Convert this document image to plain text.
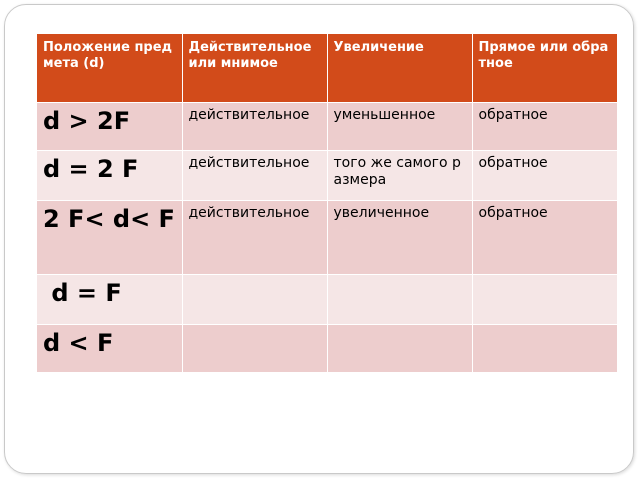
Положение предмета (d)	Действительное или мнимое	Увеличение	Прямое или обратное
d > 2F	действительное	уменьшенное	обратное
d = 2 F	действительное	того же самого размера	обратное
2 F< d< F	действительное	увеличенное	обратное
d = F			
d < F			
